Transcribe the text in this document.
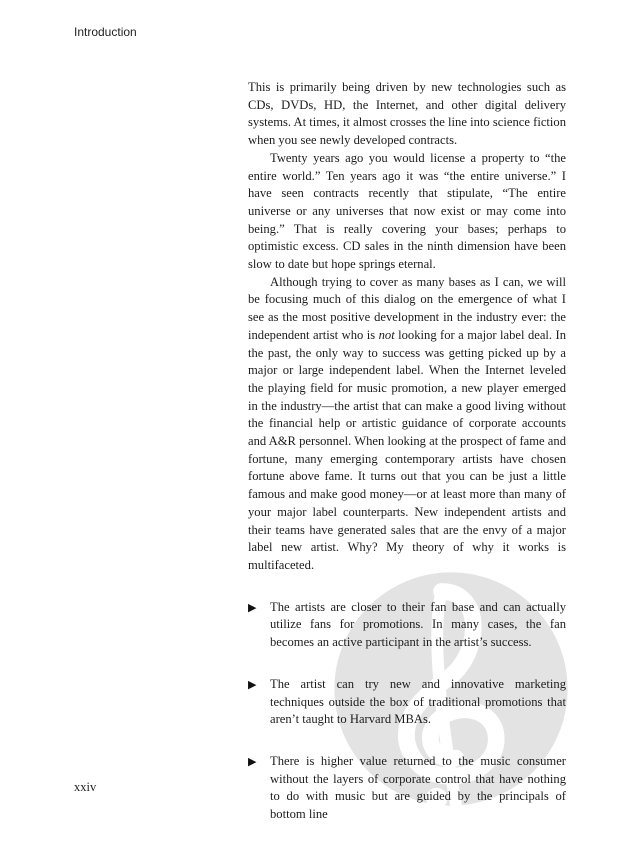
Introduction

This is primarily being driven by new technologies such as CDs, DVDs, HD, the Internet, and other digital delivery systems. At times, it almost crosses the line into science fiction when you see newly developed contracts.

Twenty years ago you would license a property to “the entire world.” Ten years ago it was “the entire universe.” I have seen contracts recently that stipulate, “The entire universe or any universes that now exist or may come into being.” That is really covering your bases; perhaps to optimistic excess. CD sales in the ninth dimension have been slow to date but hope springs eternal.

Although trying to cover as many bases as I can, we will be focusing much of this dialog on the emergence of what I see as the most positive development in the industry ever: the independent artist who is not looking for a major label deal. In the past, the only way to success was getting picked up by a major or large independent label. When the Internet leveled the playing field for music promotion, a new player emerged in the industry—the artist that can make a good living without the financial help or artistic guidance of corporate accounts and A&R personnel. When looking at the prospect of fame and fortune, many emerging contemporary artists have chosen fortune above fame. It turns out that you can be just a little famous and make good money—or at least more than many of your major label counterparts. New independent artists and their teams have generated sales that are the envy of a major label new artist. Why? My theory of why it works is multifaceted.

▶ The artists are closer to their fan base and can actually utilize fans for promotions. In many cases, the fan becomes an active participant in the artist’s success.
▶ The artist can try new and innovative marketing techniques outside the box of traditional promotions that aren’t taught to Harvard MBAs.
▶ There is higher value returned to the music consumer without the layers of corporate control that have nothing to do with music but are guided by the principals of bottom line
xxiv
